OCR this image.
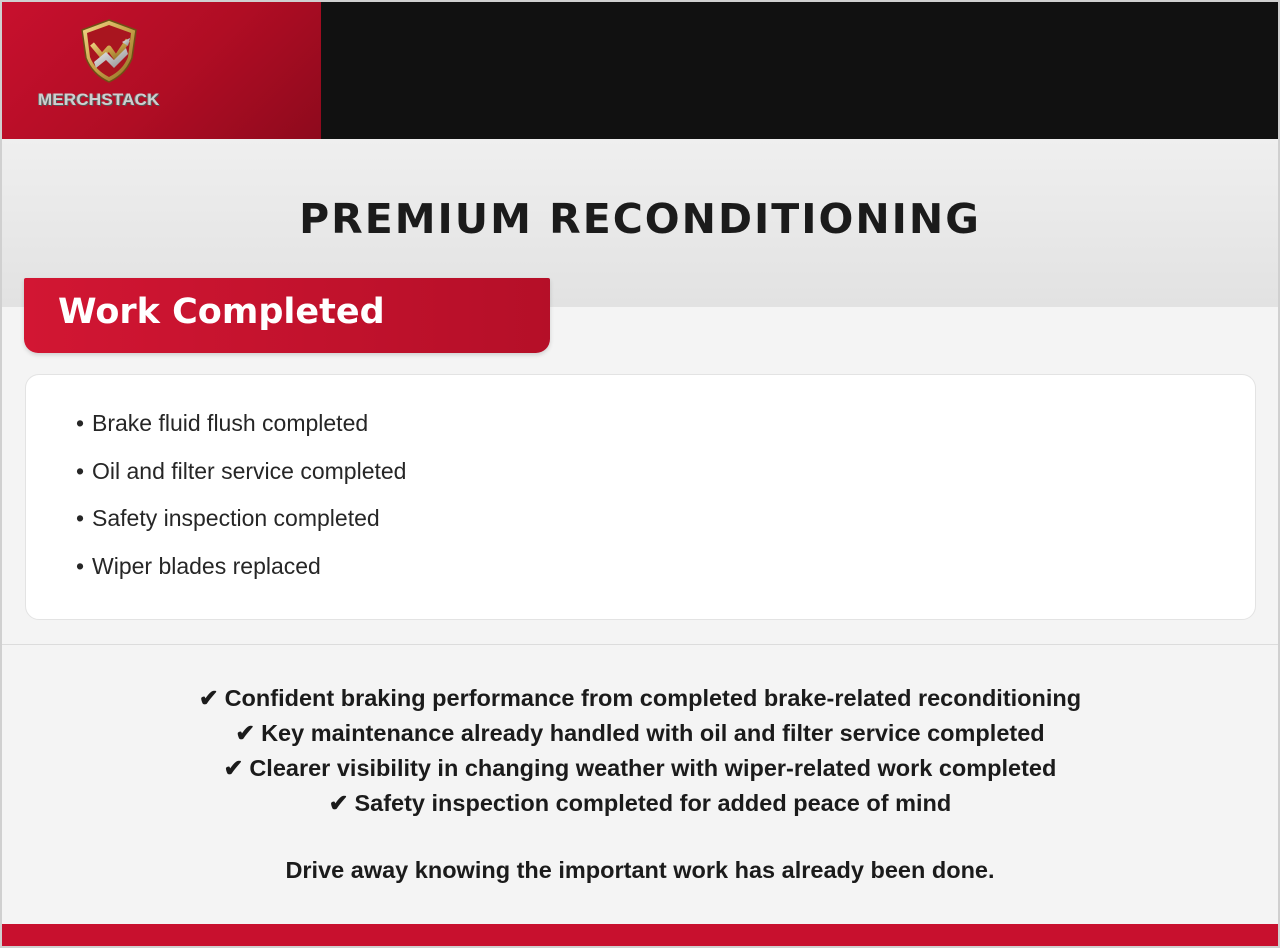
MERCHSTACK
PREMIUM RECONDITIONING
Work Completed
• Brake fluid flush completed
• Oil and filter service completed
• Safety inspection completed
• Wiper blades replaced
✔ Confident braking performance from completed brake-related reconditioning
✔ Key maintenance already handled with oil and filter service completed
✔ Clearer visibility in changing weather with wiper-related work completed
✔ Safety inspection completed for added peace of mind

Drive away knowing the important work has already been done.
